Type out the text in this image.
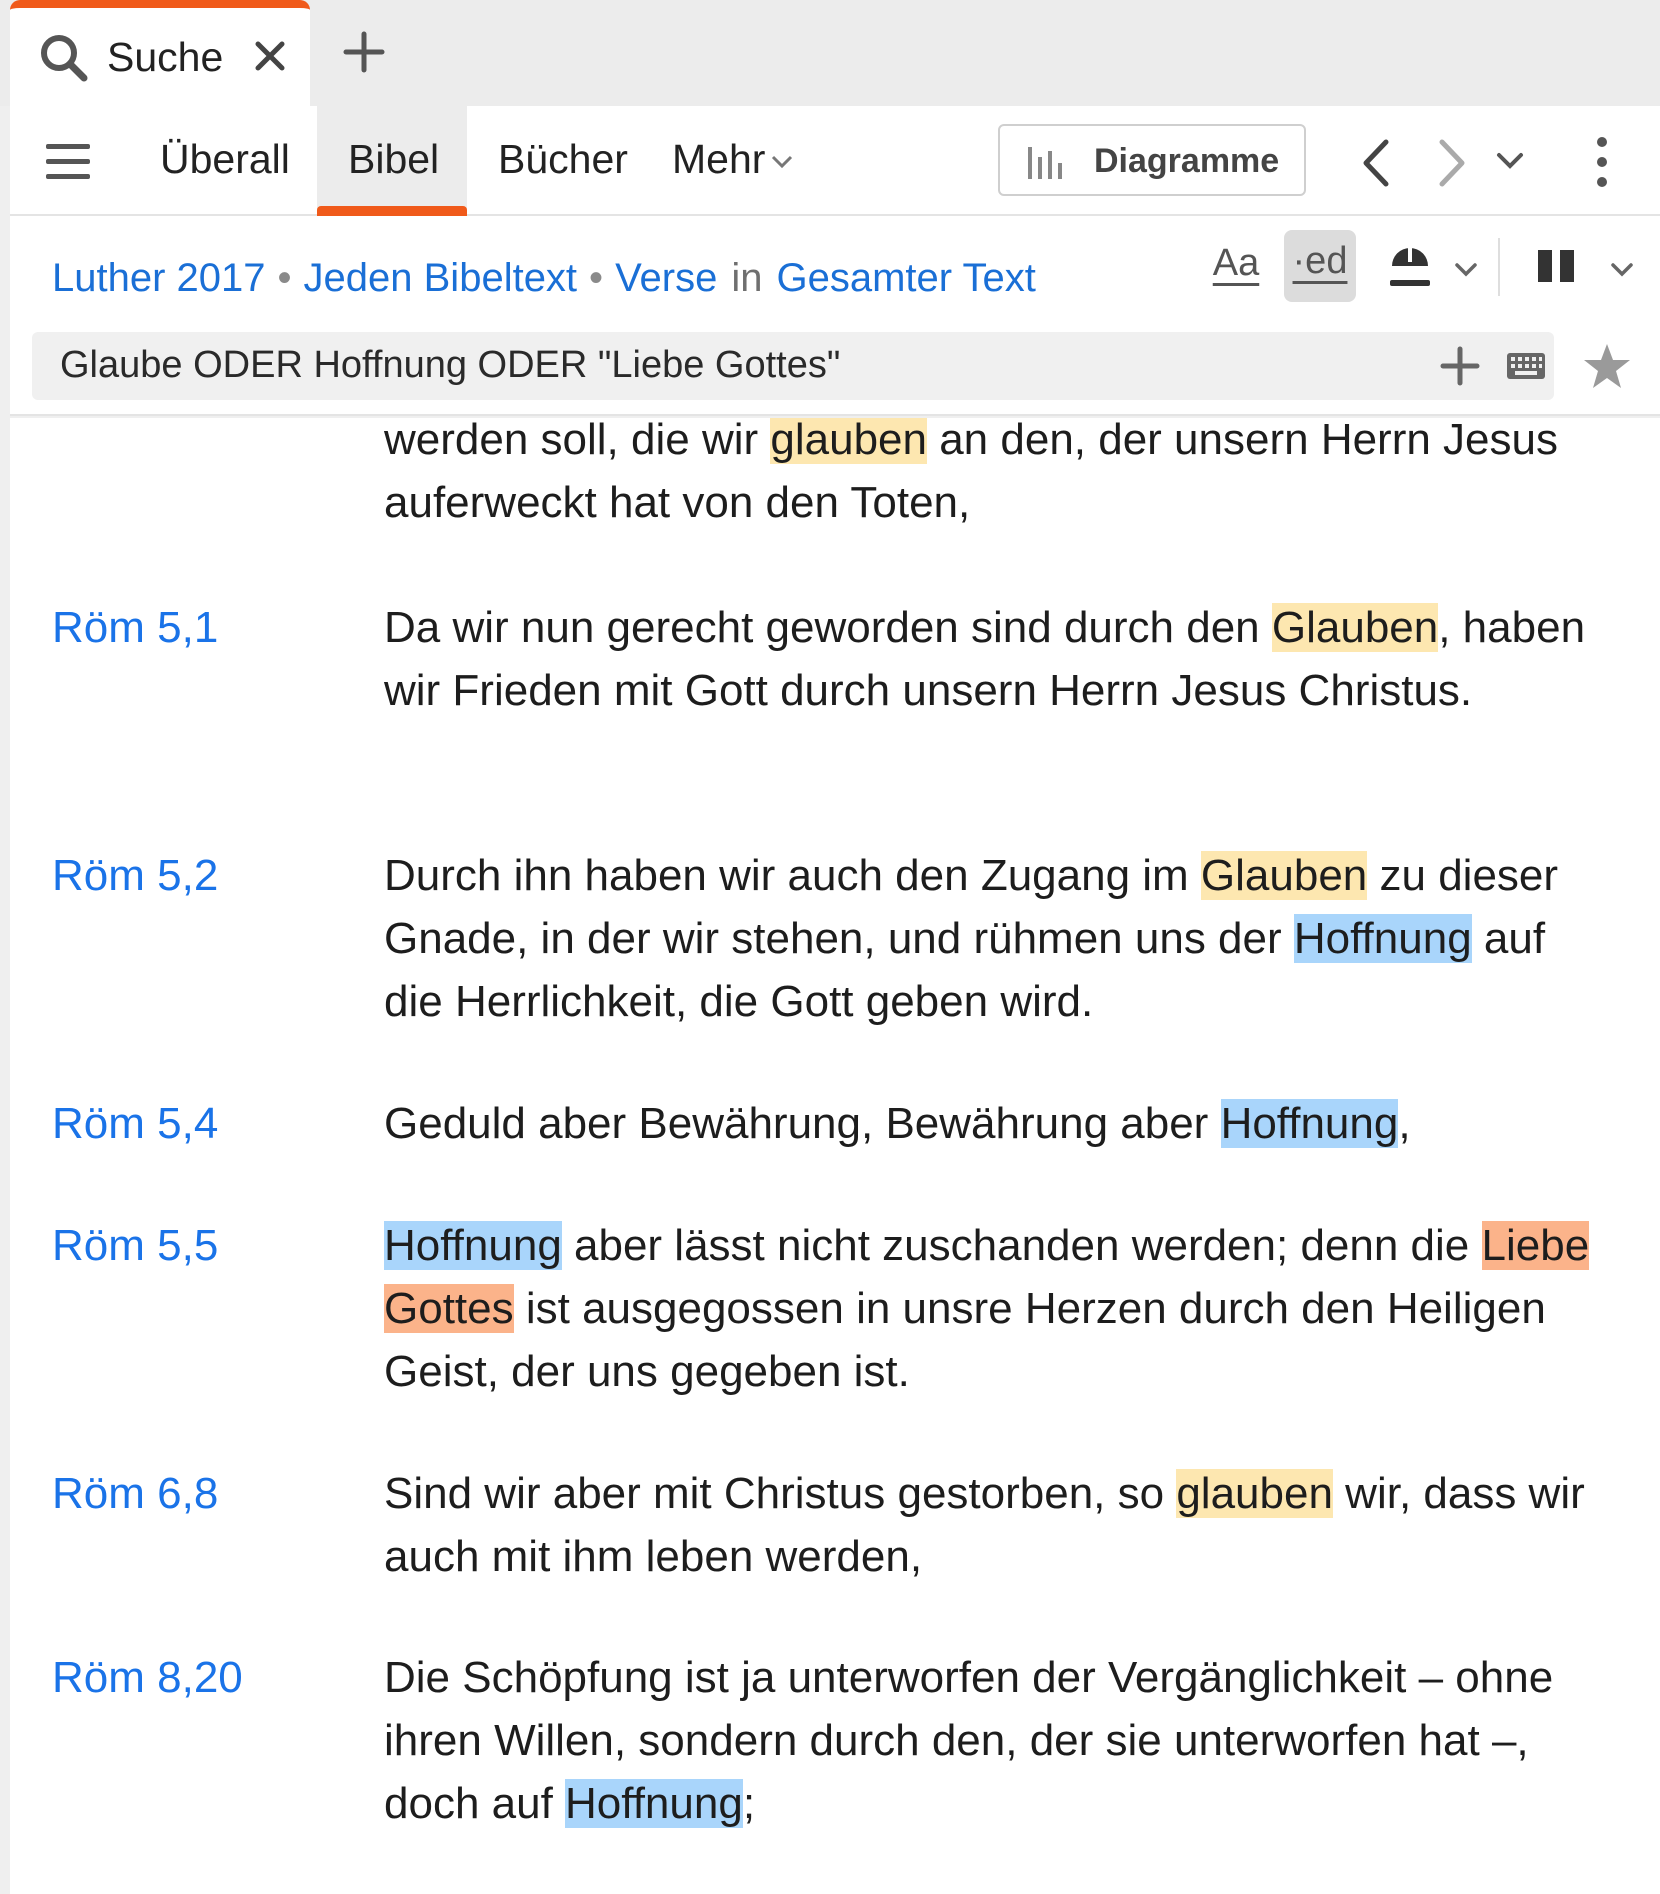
Suche
Überall Bibel Bücher Mehr	Diagramme
Luther 2017 • Jeden Bibeltext • Verse in Gesamter Text	Aa ·ed
Glaube ODER Hoffnung ODER "Liebe Gottes"
werden soll, die wir glauben an den, der unsern Herrn Jesus auferweckt hat von den Toten,
Röm 5,1	Da wir nun gerecht geworden sind durch den Glauben, haben wir Frieden mit Gott durch unsern Herrn Jesus Christus.
Röm 5,2	Durch ihn haben wir auch den Zugang im Glauben zu dieser Gnade, in der wir stehen, und rühmen uns der Hoffnung auf die Herrlichkeit, die Gott geben wird.
Röm 5,4	Geduld aber Bewährung, Bewährung aber Hoffnung,
Röm 5,5	Hoffnung aber lässt nicht zuschanden werden; denn die Liebe Gottes ist ausgegossen in unsre Herzen durch den Heiligen Geist, der uns gegeben ist.
Röm 6,8	Sind wir aber mit Christus gestorben, so glauben wir, dass wir auch mit ihm leben werden,
Röm 8,20	Die Schöpfung ist ja unterworfen der Vergänglichkeit – ohne ihren Willen, sondern durch den, der sie unterworfen hat –, doch auf Hoffnung;
